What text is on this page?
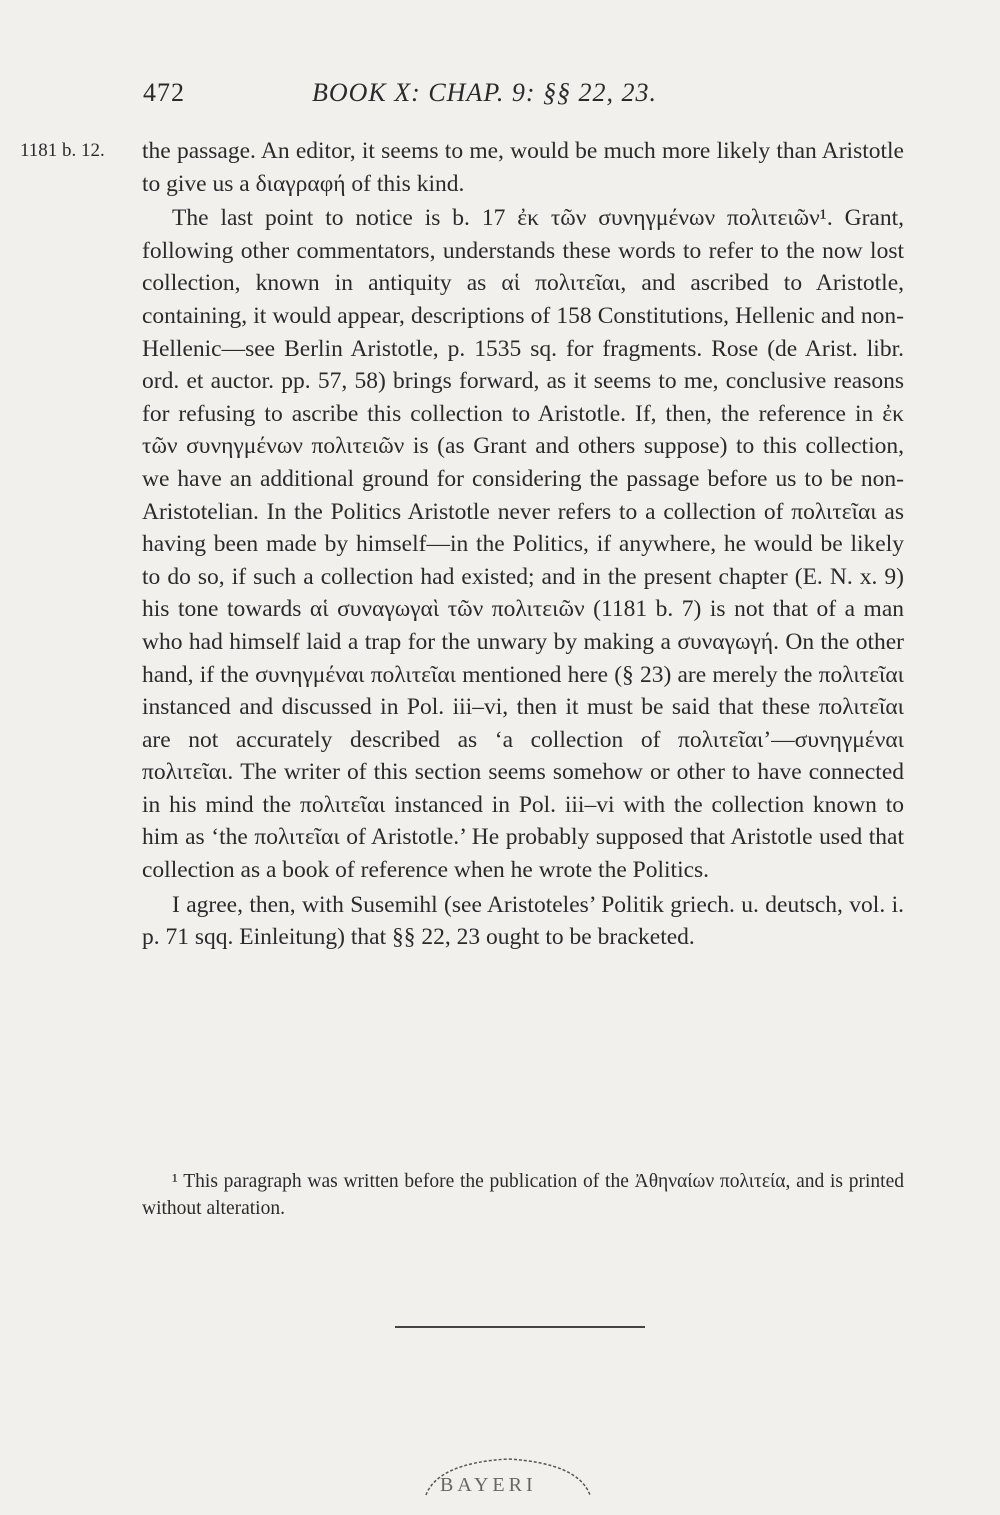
472	BOOK X: CHAP. 9: §§ 22, 23.
1181 b. 12. the passage. An editor, it seems to me, would be much more likely than Aristotle to give us a διαγραφή of this kind.

The last point to notice is b. 17 ἐκ τῶν συνηγμένων πολιτειῶν¹. Grant, following other commentators, understands these words to refer to the now lost collection, known in antiquity as αἱ πολιτεῖαι, and ascribed to Aristotle, containing, it would appear, descriptions of 158 Constitutions, Hellenic and non-Hellenic—see Berlin Aristotle, p. 1535 sq. for fragments. Rose (de Arist. libr. ord. et auctor. pp. 57, 58) brings forward, as it seems to me, conclusive reasons for refusing to ascribe this collection to Aristotle. If, then, the reference in ἐκ τῶν συνηγμένων πολιτειῶν is (as Grant and others suppose) to this collection, we have an additional ground for considering the passage before us to be non-Aristotelian. In the Politics Aristotle never refers to a collection of πολιτεῖαι as having been made by himself—in the Politics, if anywhere, he would be likely to do so, if such a collection had existed; and in the present chapter (E. N. x. 9) his tone towards αἱ συναγωγαὶ τῶν πολιτειῶν (1181 b. 7) is not that of a man who had himself laid a trap for the unwary by making a συναγωγή. On the other hand, if the συνηγμέναι πολιτεῖαι mentioned here (§ 23) are merely the πολιτεῖαι instanced and discussed in Pol. iii–vi, then it must be said that these πολιτεῖαι are not accurately described as ‘a collection of πολιτεῖαι’—συνηγμέναι πολιτεῖαι. The writer of this section seems somehow or other to have connected in his mind the πολιτεῖαι instanced in Pol. iii–vi with the collection known to him as ‘the πολιτεῖαι of Aristotle.’ He probably supposed that Aristotle used that collection as a book of reference when he wrote the Politics.

I agree, then, with Susemihl (see Aristoteles’ Politik griech. u. deutsch, vol. i. p. 71 sqq. Einleitung) that §§ 22, 23 ought to be bracketed.

¹ This paragraph was written before the publication of the Ἀθηναίων πολιτεία, and is printed without alteration.
BAYERI
